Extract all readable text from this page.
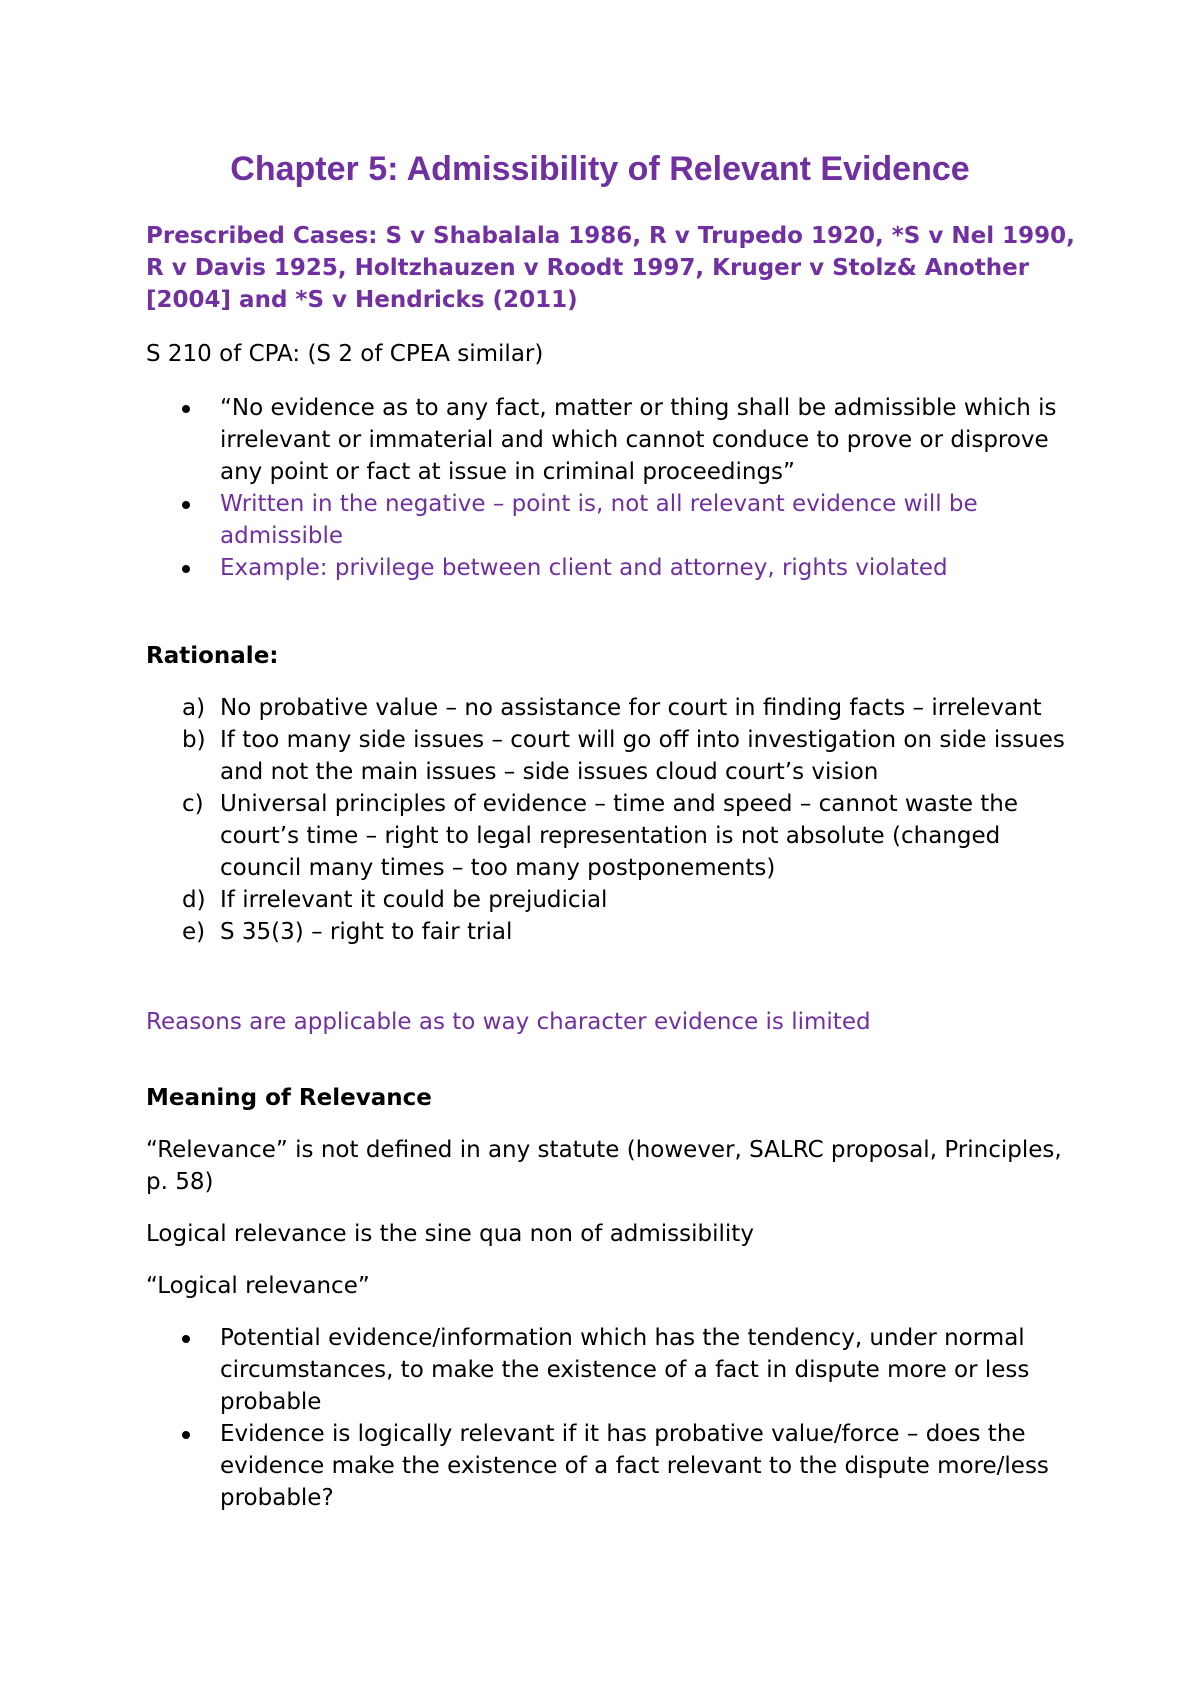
Chapter 5: Admissibility of Relevant Evidence

Prescribed Cases: S v Shabalala 1986, R v Trupedo 1920, *S v Nel 1990, R v Davis 1925, Holtzhauzen v Roodt 1997, Kruger v Stolz& Another [2004] and *S v Hendricks (2011)

S 210 of CPA: (S 2 of CPEA similar)

“No evidence as to any fact, matter or thing shall be admissible which is irrelevant or immaterial and which cannot conduce to prove or disprove any point or fact at issue in criminal proceedings”
Written in the negative – point is, not all relevant evidence will be admissible
Example: privilege between client and attorney, rights violated

Rationale:

a) No probative value – no assistance for court in finding facts – irrelevant
b) If too many side issues – court will go off into investigation on side issues and not the main issues – side issues cloud court’s vision
c) Universal principles of evidence – time and speed – cannot waste the court’s time – right to legal representation is not absolute (changed council many times – too many postponements)
d) If irrelevant it could be prejudicial
e) S 35(3) – right to fair trial

Reasons are applicable as to way character evidence is limited

Meaning of Relevance

“Relevance” is not defined in any statute (however, SALRC proposal, Principles, p. 58)

Logical relevance is the sine qua non of admissibility

“Logical relevance”

Potential evidence/information which has the tendency, under normal circumstances, to make the existence of a fact in dispute more or less probable
Evidence is logically relevant if it has probative value/force – does the evidence make the existence of a fact relevant to the dispute more/less probable?
